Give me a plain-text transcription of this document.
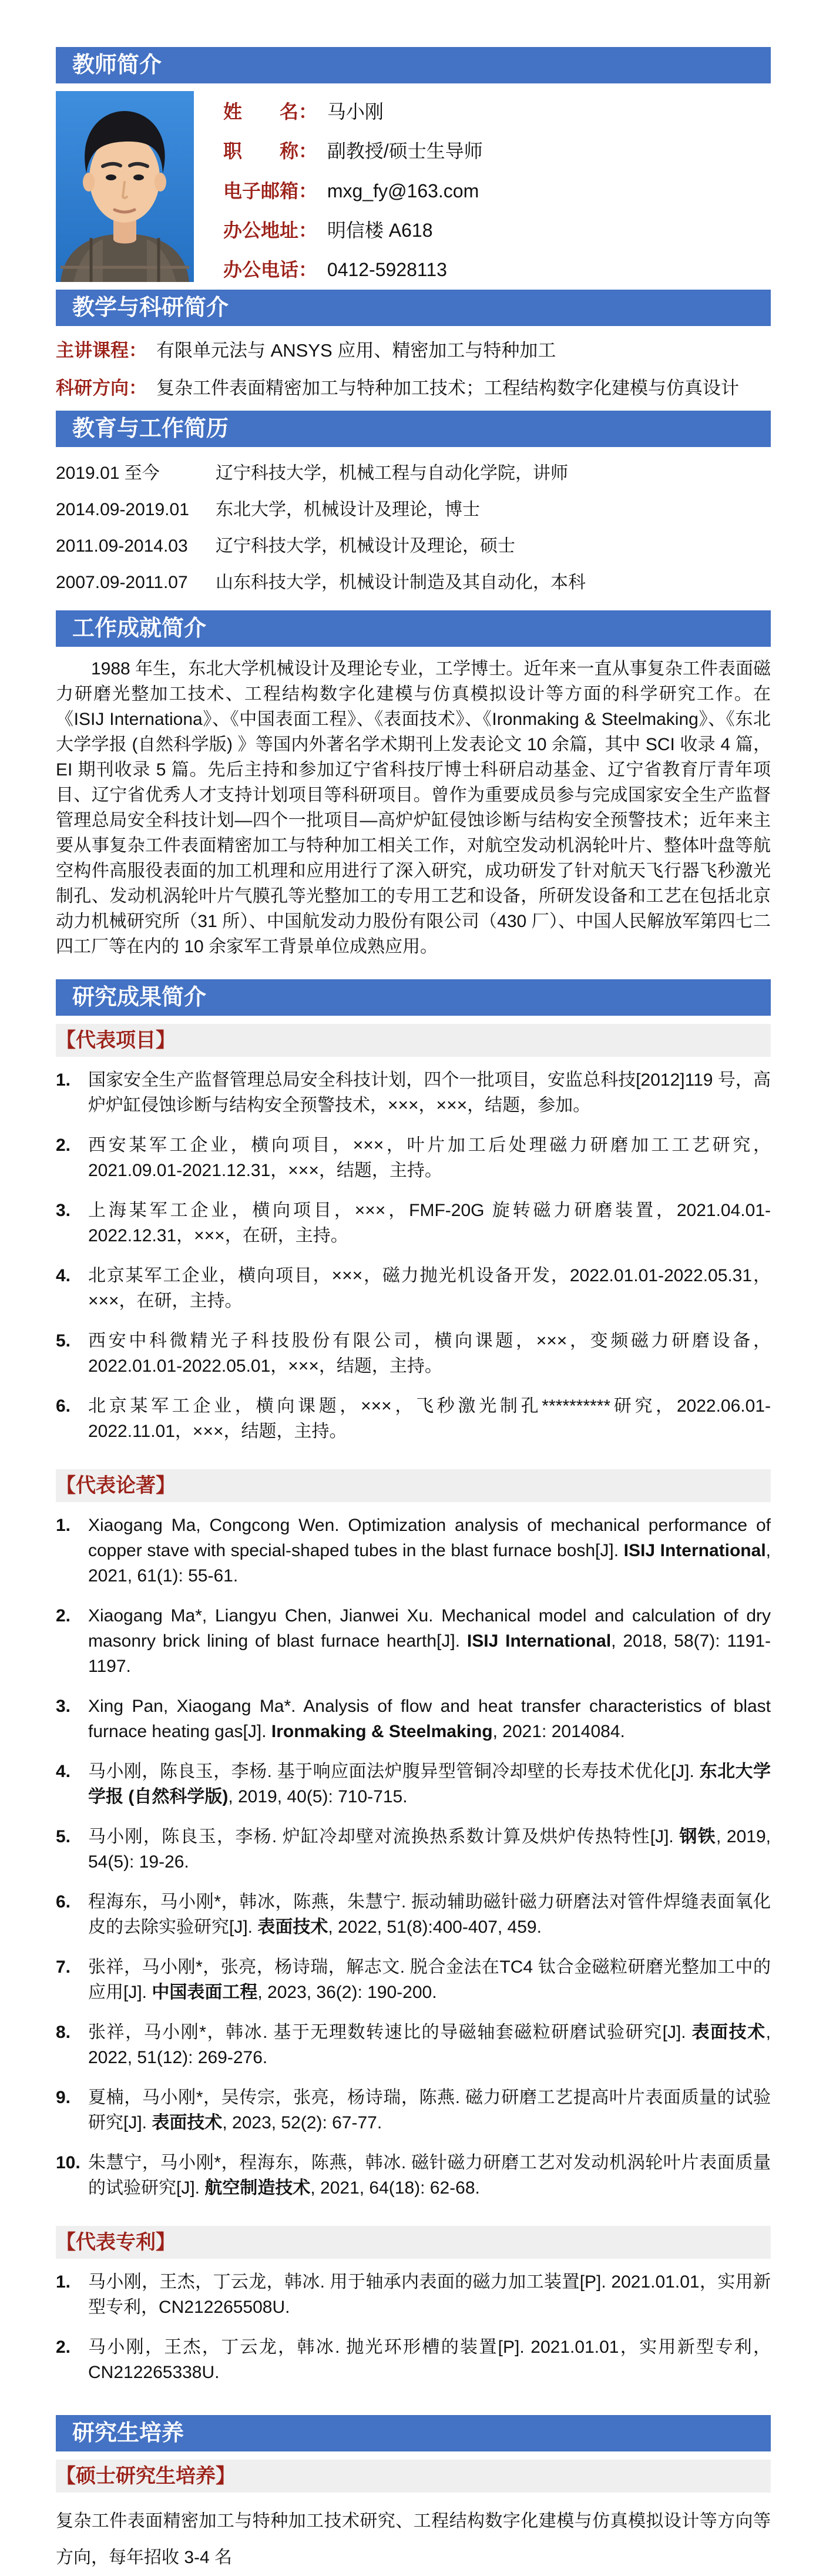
教师简介
姓　　名： 马小刚
职　　称： 副教授/硕士生导师
电子邮箱： mxg_fy@163.com
办公地址： 明信楼 A618
办公电话： 0412-5928113
教学与科研简介
主讲课程： 有限单元法与 ANSYS 应用、精密加工与特种加工
科研方向： 复杂工件表面精密加工与特种加工技术；工程结构数字化建模与仿真设计
教育与工作简历
2019.01 至今	辽宁科技大学，机械工程与自动化学院，讲师
2014.09-2019.01	东北大学，机械设计及理论，博士
2011.09-2014.03	辽宁科技大学，机械设计及理论，硕士
2007.09-2011.07	山东科技大学，机械设计制造及其自动化，本科
工作成就简介

1988 年生，东北大学机械设计及理论专业，工学博士。近年来一直从事复杂工件表面磁力研磨光整加工技术、工程结构数字化建模与仿真模拟设计等方面的科学研究工作。在《ISIJ Internationa》、《中国表面工程》、《表面技术》、《Ironmaking & Steelmaking》、《东北大学学报 (自然科学版) 》等国内外著名学术期刊上发表论文 10 余篇，其中 SCI 收录 4 篇，EI 期刊收录 5 篇。先后主持和参加辽宁省科技厅博士科研启动基金、辽宁省教育厅青年项目、辽宁省优秀人才支持计划项目等科研项目。曾作为重要成员参与完成国家安全生产监督管理总局安全科技计划—四个一批项目—高炉炉缸侵蚀诊断与结构安全预警技术；近年来主要从事复杂工件表面精密加工与特种加工相关工作，对航空发动机涡轮叶片、整体叶盘等航空构件高服役表面的加工机理和应用进行了深入研究，成功研发了针对航天飞行器飞秒激光制孔、发动机涡轮叶片气膜孔等光整加工的专用工艺和设备，所研发设备和工艺在包括北京动力机械研究所（31 所）、中国航发动力股份有限公司（430 厂）、中国人民解放军第四七二四工厂等在内的 10 余家军工背景单位成熟应用。

研究成果简介
【代表项目】
1. 国家安全生产监督管理总局安全科技计划，四个一批项目，安监总科技[2012]119 号，高炉炉缸侵蚀诊断与结构安全预警技术，×××，×××，结题，参加。
2. 西安某军工企业，横向项目，×××，叶片加工后处理磁力研磨加工工艺研究，2021.09.01-2021.12.31，×××，结题，主持。
3. 上海某军工企业，横向项目，×××，FMF-20G 旋转磁力研磨装置，2021.04.01-2022.12.31，×××，在研，主持。
4. 北京某军工企业，横向项目，×××，磁力抛光机设备开发，2022.01.01-2022.05.31，×××，在研，主持。
5. 西安中科微精光子科技股份有限公司，横向课题，×××，变频磁力研磨设备，2022.01.01-2022.05.01，×××，结题，主持。
6. 北京某军工企业，横向课题，×××，飞秒激光制孔**********研究，2022.06.01-2022.11.01，×××，结题，主持。
【代表论著】
1. Xiaogang Ma, Congcong Wen. Optimization analysis of mechanical performance of copper stave with special-shaped tubes in the blast furnace bosh[J]. ISIJ International, 2021, 61(1): 55-61.
2. Xiaogang Ma*, Liangyu Chen, Jianwei Xu. Mechanical model and calculation of dry masonry brick lining of blast furnace hearth[J]. ISIJ International, 2018, 58(7): 1191-1197.
3. Xing Pan, Xiaogang Ma*. Analysis of flow and heat transfer characteristics of blast furnace heating gas[J]. Ironmaking & Steelmaking, 2021: 2014084.
4. 马小刚，陈良玉，李杨. 基于响应面法炉腹异型管铜冷却壁的长寿技术优化[J]. 东北大学学报 (自然科学版), 2019, 40(5): 710-715.
5. 马小刚，陈良玉，李杨. 炉缸冷却壁对流换热系数计算及烘炉传热特性[J]. 钢铁, 2019, 54(5): 19-26.
6. 程海东，马小刚*，韩冰，陈燕，朱慧宁. 振动辅助磁针磁力研磨法对管件焊缝表面氧化皮的去除实验研究[J]. 表面技术, 2022, 51(8):400-407, 459.
7. 张祥，马小刚*，张亮，杨诗瑞，解志文. 脱合金法在TC4 钛合金磁粒研磨光整加工中的应用[J]. 中国表面工程, 2023, 36(2): 190-200.
8. 张祥，马小刚*，韩冰. 基于无理数转速比的导磁轴套磁粒研磨试验研究[J]. 表面技术, 2022, 51(12): 269-276.
9. 夏楠，马小刚*，吴传宗，张亮，杨诗瑞，陈燕. 磁力研磨工艺提高叶片表面质量的试验研究[J]. 表面技术, 2023, 52(2): 67-77.
10. 朱慧宁，马小刚*，程海东，陈燕，韩冰. 磁针磁力研磨工艺对发动机涡轮叶片表面质量的试验研究[J]. 航空制造技术, 2021, 64(18): 62-68.
【代表专利】
1. 马小刚，王杰，丁云龙，韩冰. 用于轴承内表面的磁力加工装置[P]. 2021.01.01，实用新型专利，CN212265508U.
2. 马小刚，王杰，丁云龙，韩冰. 抛光环形槽的装置[P]. 2021.01.01，实用新型专利，CN212265338U.
研究生培养
【硕士研究生培养】

复杂工件表面精密加工与特种加工技术研究、工程结构数字化建模与仿真模拟设计等方向等方向，每年招收 3-4 名
